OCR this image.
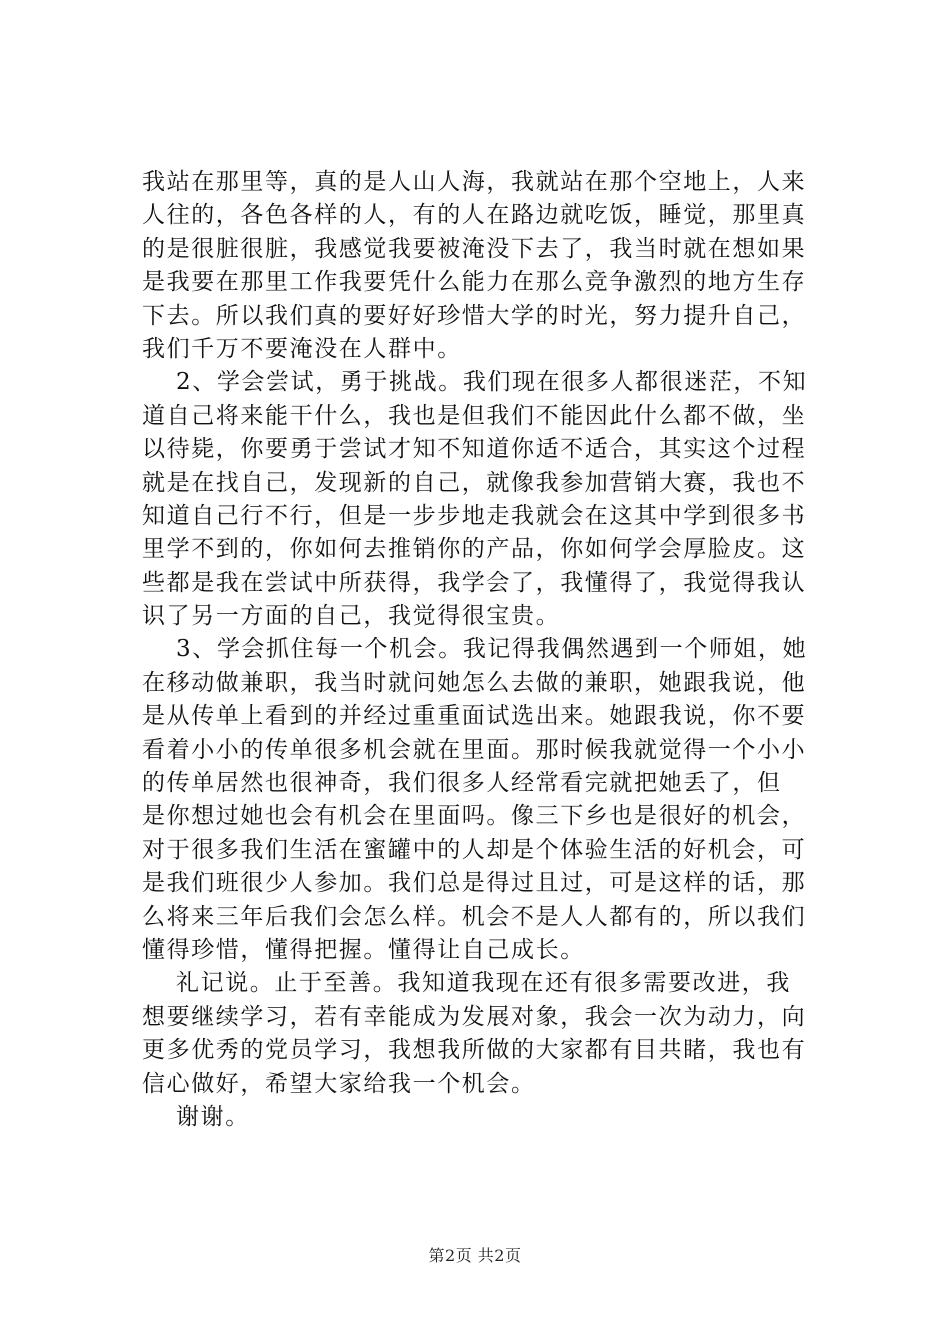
我站在那里等，真的是人山人海，我就站在那个空地上，人来
人往的，各色各样的人，有的人在路边就吃饭，睡觉，那里真
的是很脏很脏，我感觉我要被淹没下去了，我当时就在想如果
是我要在那里工作我要凭什么能力在那么竞争激烈的地方生存
下去。所以我们真的要好好珍惜大学的时光，努力提升自己，
我们千万不要淹没在人群中。
2、学会尝试，勇于挑战。我们现在很多人都很迷茫，不知
道自己将来能干什么，我也是但我们不能因此什么都不做，坐
以待毙，你要勇于尝试才知不知道你适不适合，其实这个过程
就是在找自己，发现新的自己，就像我参加营销大赛，我也不
知道自己行不行，但是一步步地走我就会在这其中学到很多书
里学不到的，你如何去推销你的产品，你如何学会厚脸皮。这
些都是我在尝试中所获得，我学会了，我懂得了，我觉得我认
识了另一方面的自己，我觉得很宝贵。
3、学会抓住每一个机会。我记得我偶然遇到一个师姐，她
在移动做兼职，我当时就问她怎么去做的兼职，她跟我说，他
是从传单上看到的并经过重重面试选出来。她跟我说，你不要
看着小小的传单很多机会就在里面。那时候我就觉得一个小小
的传单居然也很神奇，我们很多人经常看完就把她丢了，但
是你想过她也会有机会在里面吗。像三下乡也是很好的机会，
对于很多我们生活在蜜罐中的人却是个体验生活的好机会，可
是我们班很少人参加。我们总是得过且过，可是这样的话，那
么将来三年后我们会怎么样。机会不是人人都有的，所以我们
懂得珍惜，懂得把握。懂得让自己成长。
礼记说。止于至善。我知道我现在还有很多需要改进，我
想要继续学习，若有幸能成为发展对象，我会一次为动力，向
更多优秀的党员学习，我想我所做的大家都有目共睹，我也有
信心做好，希望大家给我一个机会。
谢谢。
第2页 共2页
